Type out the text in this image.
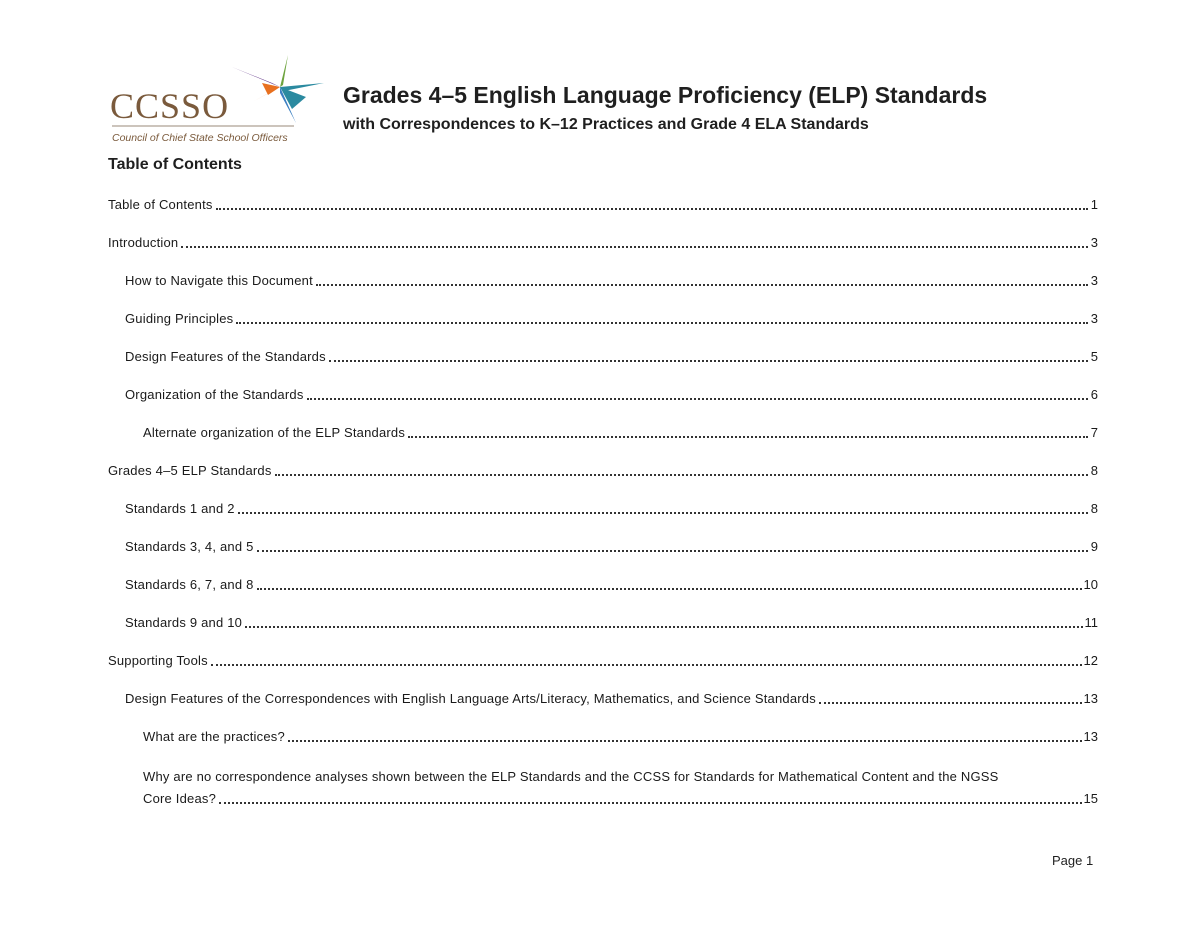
CCSSO
Council of Chief State School Officers
Grades 4–5 English Language Proficiency (ELP) Standards
with Correspondences to K–12 Practices and Grade 4 ELA Standards
Table of Contents
Table of Contents	1
Introduction	3
How to Navigate this Document	3
Guiding Principles	3
Design Features of the Standards	5
Organization of the Standards	6
Alternate organization of the ELP Standards	7
Grades 4–5 ELP Standards	8
Standards 1 and 2	8
Standards 3, 4, and 5	9
Standards 6, 7, and 8	10
Standards 9 and 10	11
Supporting Tools	12
Design Features of the Correspondences with English Language Arts/Literacy, Mathematics, and Science Standards	13
What are the practices?	13
Why are no correspondence analyses shown between the ELP Standards and the CCSS for Standards for Mathematical Content and the NGSS
Core Ideas?	15
Page 1
